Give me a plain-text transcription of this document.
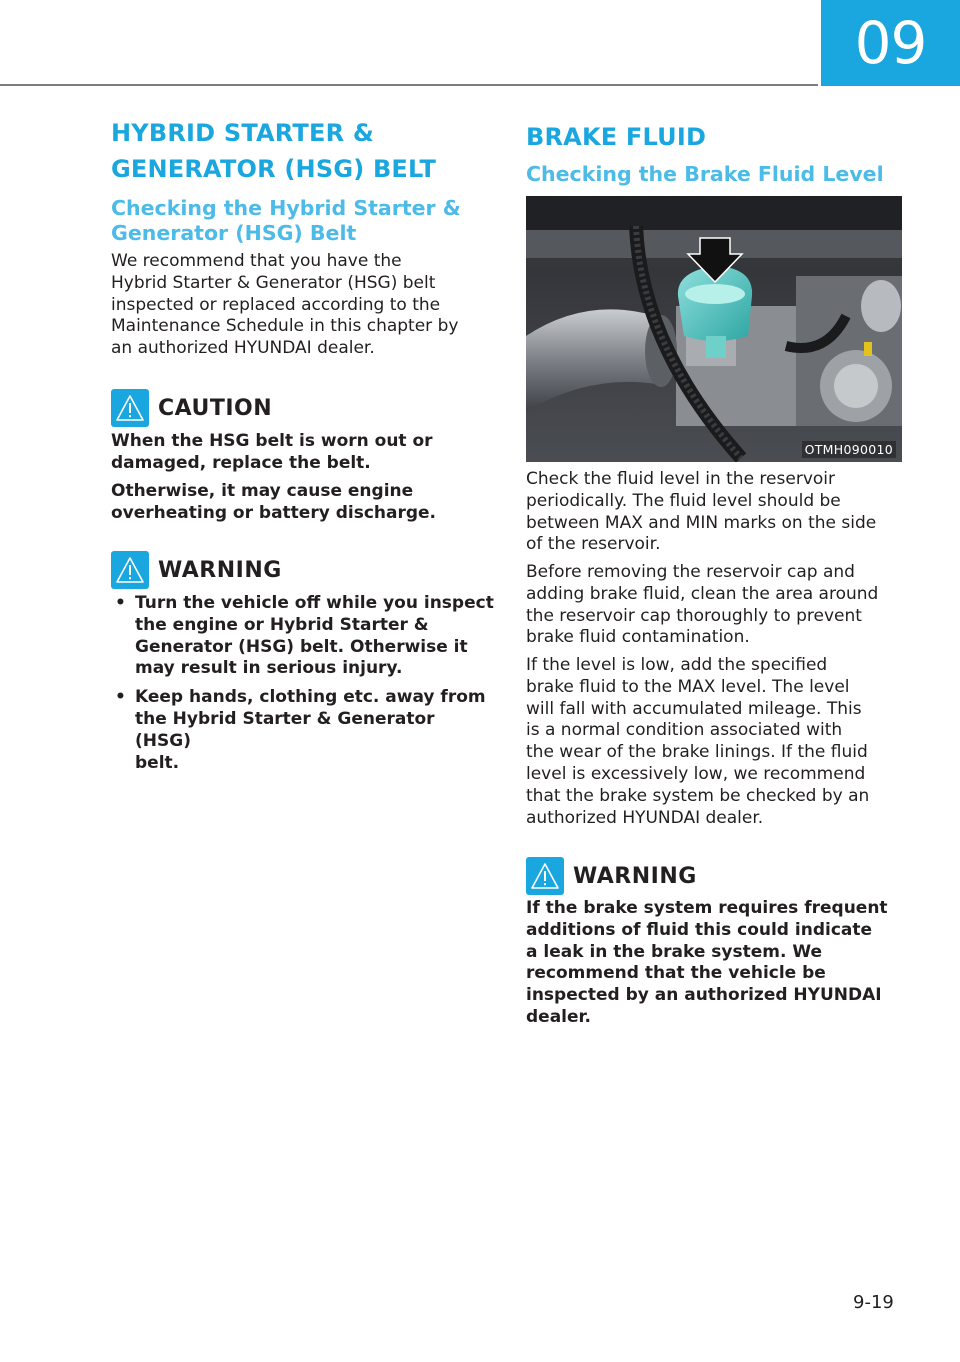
09
HYBRID STARTER &
GENERATOR (HSG) BELT
Checking the Hybrid Starter &
Generator (HSG) Belt

We recommend that you have the
Hybrid Starter & Generator (HSG) belt
inspected or replaced according to the
Maintenance Schedule in this chapter by
an authorized HYUNDAI dealer.

CAUTION

When the HSG belt is worn out or
damaged, replace the belt.

Otherwise, it may cause engine
overheating or battery discharge.

WARNING
• Turn the vehicle off while you inspect
the engine or Hybrid Starter &
Generator (HSG) belt. Otherwise it
may result in serious injury.
• Keep hands, clothing etc. away from
the Hybrid Starter & Generator (HSG)
belt.
BRAKE FLUID
Checking the Brake Fluid Level
OTMH090010

Check the fluid level in the reservoir
periodically. The fluid level should be
between MAX and MIN marks on the side
of the reservoir.

Before removing the reservoir cap and
adding brake fluid, clean the area around
the reservoir cap thoroughly to prevent
brake fluid contamination.

If the level is low, add the specified
brake fluid to the MAX level. The level
will fall with accumulated mileage. This
is a normal condition associated with
the wear of the brake linings. If the fluid
level is excessively low, we recommend
that the brake system be checked by an
authorized HYUNDAI dealer.

WARNING

If the brake system requires frequent
additions of fluid this could indicate
a leak in the brake system. We
recommend that the vehicle be
inspected by an authorized HYUNDAI
dealer.

9-19
